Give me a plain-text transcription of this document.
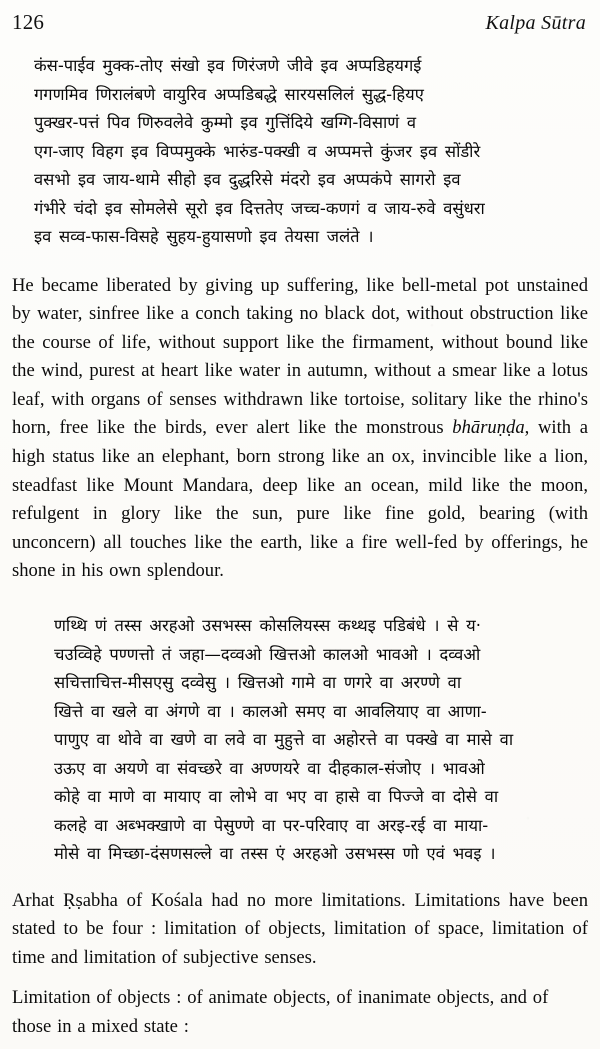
126	Kalpa Sūtra
कंस-पाईव मुक्क-तोए संखो इव णिरंजणे जीवे इव अप्पडिहयगई
गगणमिव णिरालंबणे वायुरिव अप्पडिबद्धे सारयसलिलं सुद्ध-हियए
पुक्खर-पत्तं पिव णिरुवलेवे कुम्मो इव गुत्तिंदिये खग्गि-विसाणं व
एग-जाए विहग इव विप्पमुक्के भारुंड-पक्खी व अप्पमत्ते कुंजर इव सोंडीरे
वसभो इव जाय-थामे सीहो इव दुद्धरिसे मंदरो इव अप्पकंपे सागरो इव
गंभीरे चंदो इव सोमलेसे सूरो इव दित्ततेए जच्च-कणगं व जाय-रुवे वसुंधरा
इव सव्व-फास-विसहे सुहय-हुयासणो इव तेयसा जलंते ।

He became liberated by giving up suffering, like bell-metal pot unstained by water, sinfree like a conch taking no black dot, without obstruction like the course of life, without support like the firmament, without bound like the wind, purest at heart like water in autumn, without a smear like a lotus leaf, with organs of senses withdrawn like tortoise, solitary like the rhino's horn, free like the birds, ever alert like the monstrous bhāruṇḍa, with a high status like an elephant, born strong like an ox, invincible like a lion, steadfast like Mount Mandara, deep like an ocean, mild like the moon, refulgent in glory like the sun, pure like fine gold, bearing (with unconcern) all touches like the earth, like a fire well-fed by offerings, he shone in his own splendour.

णथ्थि णं तस्स अरहओ उसभस्स कोसलियस्स कथ्थइ पडिबंधे । से य·
चउव्विहे पण्णत्तो तं जहा—दव्वओ खित्तओ कालओ भावओ । दव्वओ
सचित्ताचित्त-मीसएसु दव्वेसु । खित्तओ गामे वा णगरे वा अरण्णे वा
खित्ते वा खले वा अंगणे वा । कालओ समए वा आवलियाए वा आणा-
पाणुए वा थोवे वा खणे वा लवे वा मुहुत्ते वा अहोरत्ते वा पक्खे वा मासे वा
उऊए वा अयणे वा संवच्छरे वा अण्णयरे वा दीहकाल-संजोए । भावओ
कोहे वा माणे वा मायाए वा लोभे वा भए वा हासे वा पिज्जे वा दोसे वा
कलहे वा अब्भक्खाणे वा पेसुण्णे वा पर-परिवाए वा अरइ-रई वा माया-
मोसे वा मिच्छा-दंसणसल्ले वा तस्स एं अरहओ उसभस्स णो एवं भवइ ।

Arhat Ṛṣabha of Kośala had no more limitations. Limitations have been stated to be four : limitation of objects, limitation of space, limitation of time and limitation of subjective senses.

Limitation of objects : of animate objects, of inanimate objects, and of those in a mixed state :
